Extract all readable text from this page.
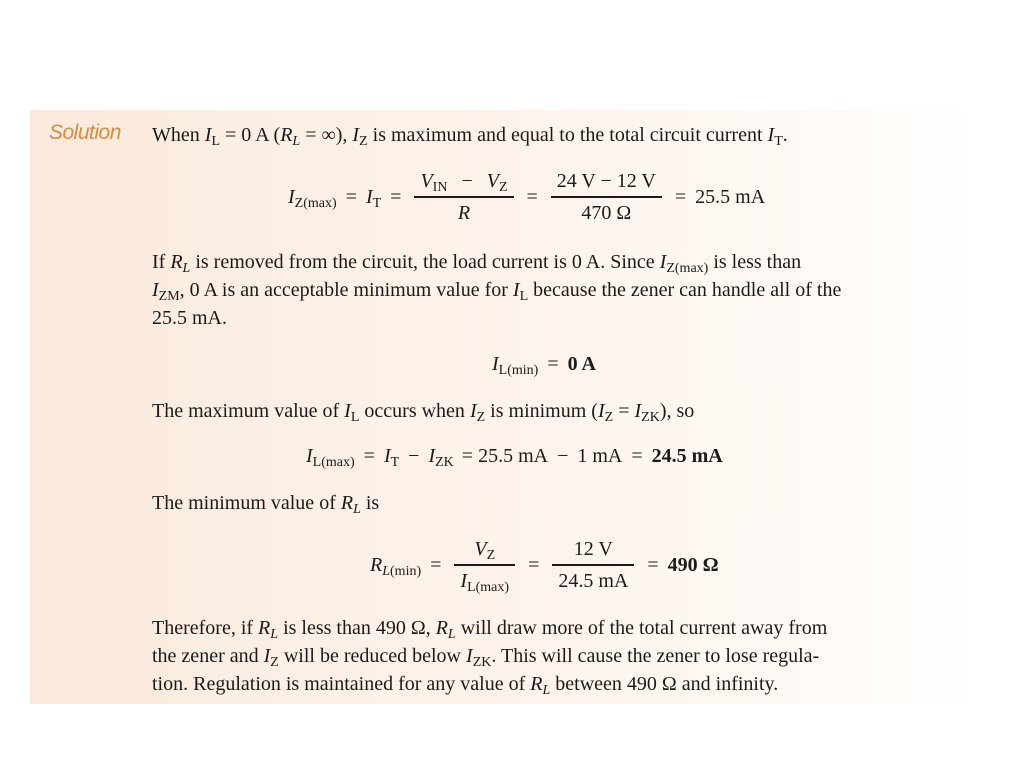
Solution When $I_L = 0$ A ($R_L$ = ∞), $I_Z$ is maximum and equal to the total circuit current $I_T$.
$I_{Z(max)} = I_T = \frac{V_{IN} - V_Z}{R} = \frac{24 V - 12 V}{470 \Omega} = 25.5$ mA
If $R_L$ is removed from the circuit, the load current is 0 A. Since $I_{Z(max)}$ is less than
$I_{ZM}$, 0 A is an acceptable minimum value for $I_L$ because the zener can handle all of the
25.5 mA.
$I_{L(min)} = 0$ A
The maximum value of $I_L$ occurs when $I_Z$ is minimum $(I_Z = I_{ZK})$, so
$I_{L(max)} = I_T - I_{ZK} = 25.5$ mA − 1 mA = 24.5 mA
The minimum value of $R_L$ is
$R_{L(min)} = \frac{V_Z}{I_{L(max)}} = \frac{12 V}{24.5 mA} = 490$ Ω
Therefore, if $R_L$ is less than 490 Ω, $R_L$ will draw more of the total current away from
the zener and $I_Z$ will be reduced below $I_{ZK}$. This will cause the zener to lose regula-
tion. Regulation is maintained for any value of $R_L$ between 490 Ω and infinity.
